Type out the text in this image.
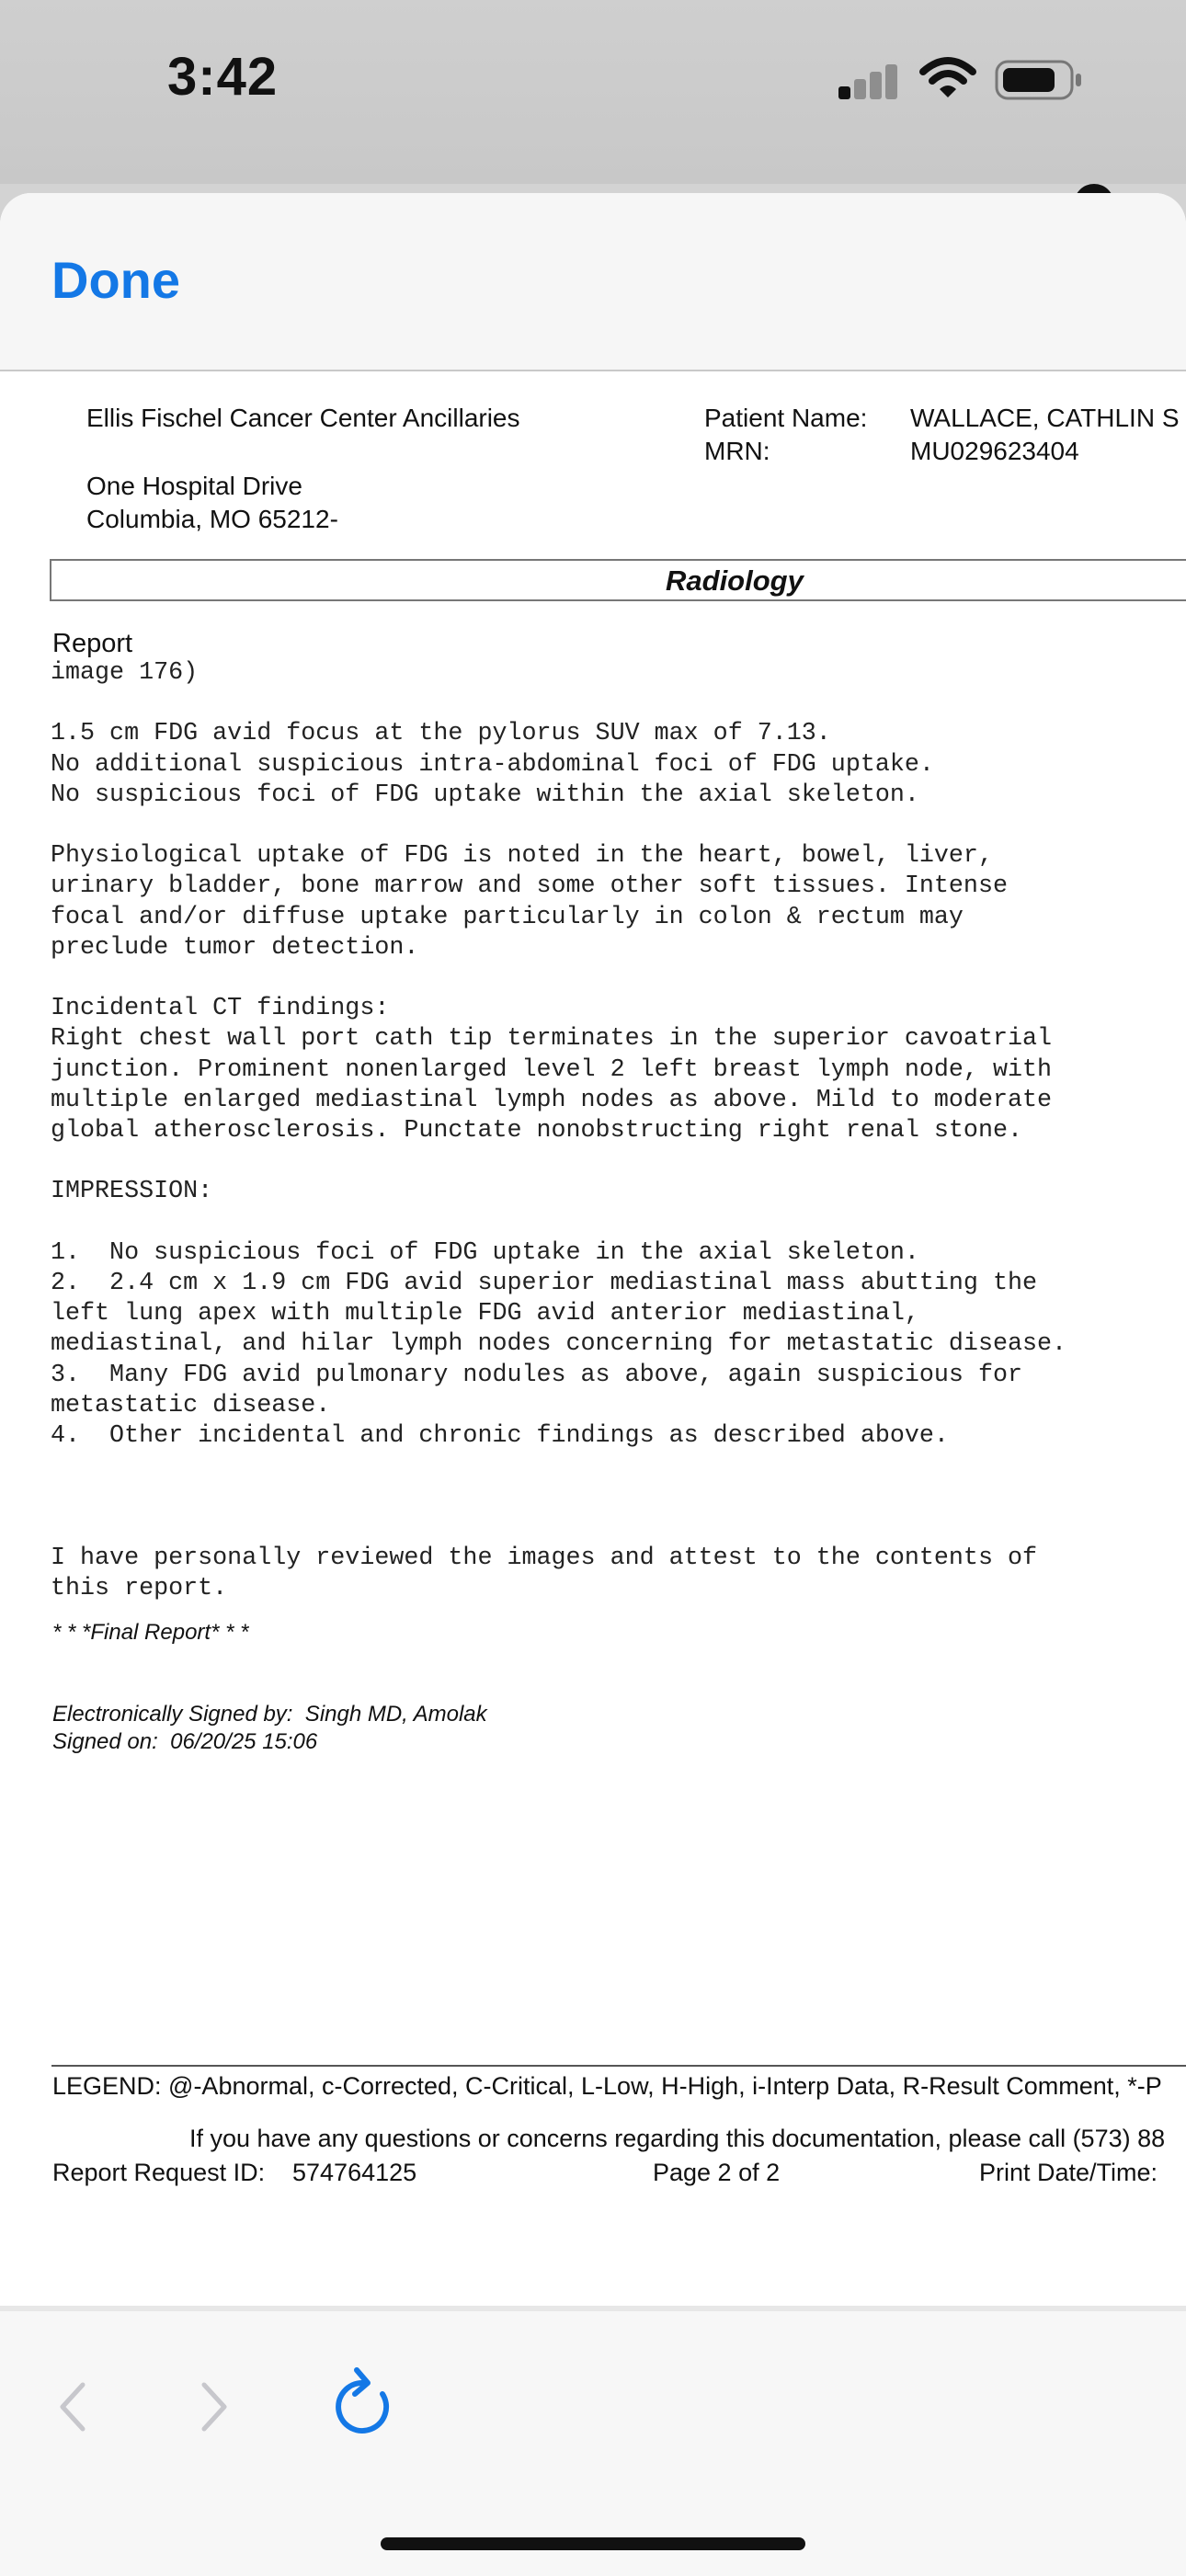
3:42
Done
Ellis Fischel Cancer Center Ancillaries
One Hospital Drive
Columbia, MO 65212-
Patient Name:
MRN:
WALLACE, CATHLIN S
MU029623404
Radiology
Report
image 176)

1.5 cm FDG avid focus at the pylorus SUV max of 7.13.
No additional suspicious intra-abdominal foci of FDG uptake.
No suspicious foci of FDG uptake within the axial skeleton.

Physiological uptake of FDG is noted in the heart, bowel, liver,
urinary bladder, bone marrow and some other soft tissues. Intense
focal and/or diffuse uptake particularly in colon & rectum may
preclude tumor detection.

Incidental CT findings:
Right chest wall port cath tip terminates in the superior cavoatrial
junction. Prominent nonenlarged level 2 left breast lymph node, with
multiple enlarged mediastinal lymph nodes as above. Mild to moderate
global atherosclerosis. Punctate nonobstructing right renal stone.

IMPRESSION:

1.  No suspicious foci of FDG uptake in the axial skeleton.
2.  2.4 cm x 1.9 cm FDG avid superior mediastinal mass abutting the
left lung apex with multiple FDG avid anterior mediastinal,
mediastinal, and hilar lymph nodes concerning for metastatic disease.
3.  Many FDG avid pulmonary nodules as above, again suspicious for
metastatic disease.
4.  Other incidental and chronic findings as described above.

I have personally reviewed the images and attest to the contents of
this report.
* * *Final Report* * *
Electronically Signed by:  Singh MD, Amolak
Signed on:  06/20/25 15:06
LEGEND: @-Abnormal, c-Corrected, C-Critical, L-Low, H-High, i-Interp Data, R-Result Comment, *-P
If you have any questions or concerns regarding this documentation, please call (573) 88
Report Request ID: 574764125	Page 2 of 2	Print Date/Time:
